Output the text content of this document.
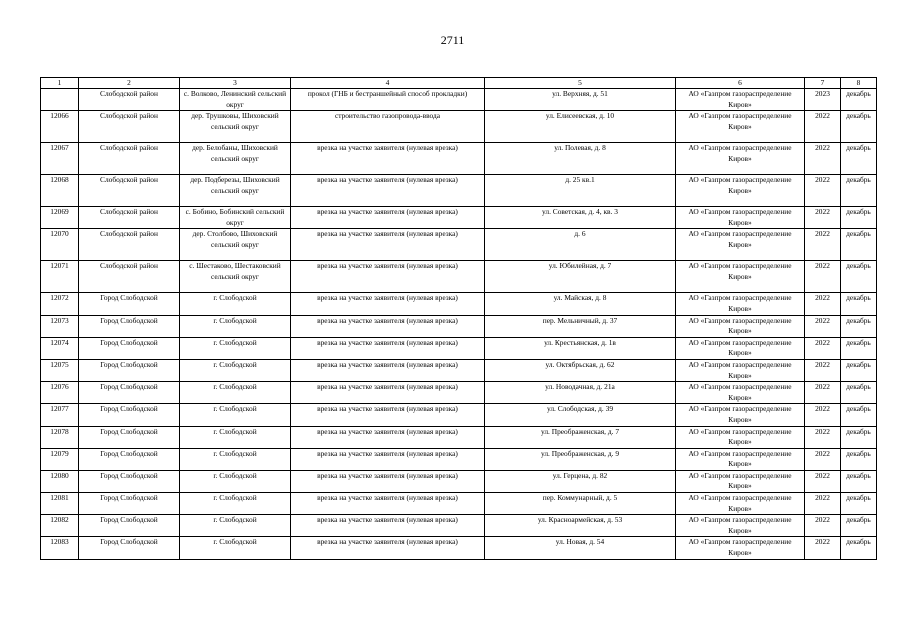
2711
1	2	3	4	5	6	7	8
	Слободской район	с. Волково, Ленинский сельский округ	прокол (ГНБ и бестраншейный способ прокладки)	ул. Верхняя, д. 51	АО «Газпром газораспределение Киров»	2023	декабрь
12066	Слободской район	дер. Трушковы, Шиховский сельский округ	строительство газопровода-ввода	ул. Елисеевская, д. 10	АО «Газпром газораспределение Киров»	2022	декабрь
12067	Слободской район	дер. Белобаны, Шиховский сельский округ	врезка на участке заявителя (нулевая врезка)	ул. Полевая, д. 8	АО «Газпром газораспределение Киров»	2022	декабрь
12068	Слободской район	дер. Подберезы, Шиховский сельский округ	врезка на участке заявителя (нулевая врезка)	д. 25 кв.1	АО «Газпром газораспределение Киров»	2022	декабрь
12069	Слободской район	с. Бобино, Бобинский сельский округ	врезка на участке заявителя (нулевая врезка)	ул. Советская, д. 4, кв. 3	АО «Газпром газораспределение Киров»	2022	декабрь
12070	Слободской район	дер. Столбово, Шиховский сельский округ	врезка на участке заявителя (нулевая врезка)	д. 6	АО «Газпром газораспределение Киров»	2022	декабрь
12071	Слободской район	с. Шестаково, Шестаковский сельский округ	врезка на участке заявителя (нулевая врезка)	ул. Юбилейная, д. 7	АО «Газпром газораспределение Киров»	2022	декабрь
12072	Город Слободской	г. Слободской	врезка на участке заявителя (нулевая врезка)	ул. Майская, д. 8	АО «Газпром газораспределение Киров»	2022	декабрь
12073	Город Слободской	г. Слободской	врезка на участке заявителя (нулевая врезка)	пер. Мельничный, д. 37	АО «Газпром газораспределение Киров»	2022	декабрь
12074	Город Слободской	г. Слободской	врезка на участке заявителя (нулевая врезка)	ул. Крестьянская, д. 1в	АО «Газпром газораспределение Киров»	2022	декабрь
12075	Город Слободской	г. Слободской	врезка на участке заявителя (нулевая врезка)	ул. Октябрьская, д. 62	АО «Газпром газораспределение Киров»	2022	декабрь
12076	Город Слободской	г. Слободской	врезка на участке заявителя (нулевая врезка)	ул. Новодачная, д. 21а	АО «Газпром газораспределение Киров»	2022	декабрь
12077	Город Слободской	г. Слободской	врезка на участке заявителя (нулевая врезка)	ул. Слободская, д. 39	АО «Газпром газораспределение Киров»	2022	декабрь
12078	Город Слободской	г. Слободской	врезка на участке заявителя (нулевая врезка)	ул. Преображенская, д. 7	АО «Газпром газораспределение Киров»	2022	декабрь
12079	Город Слободской	г. Слободской	врезка на участке заявителя (нулевая врезка)	ул. Преображенская, д. 9	АО «Газпром газораспределение Киров»	2022	декабрь
12080	Город Слободской	г. Слободской	врезка на участке заявителя (нулевая врезка)	ул. Герцена, д. 82	АО «Газпром газораспределение Киров»	2022	декабрь
12081	Город Слободской	г. Слободской	врезка на участке заявителя (нулевая врезка)	пер. Коммунарный, д. 5	АО «Газпром газораспределение Киров»	2022	декабрь
12082	Город Слободской	г. Слободской	врезка на участке заявителя (нулевая врезка)	ул. Красноармейская, д. 53	АО «Газпром газораспределение Киров»	2022	декабрь
12083	Город Слободской	г. Слободской	врезка на участке заявителя (нулевая врезка)	ул. Новая, д. 54	АО «Газпром газораспределение Киров»	2022	декабрь
